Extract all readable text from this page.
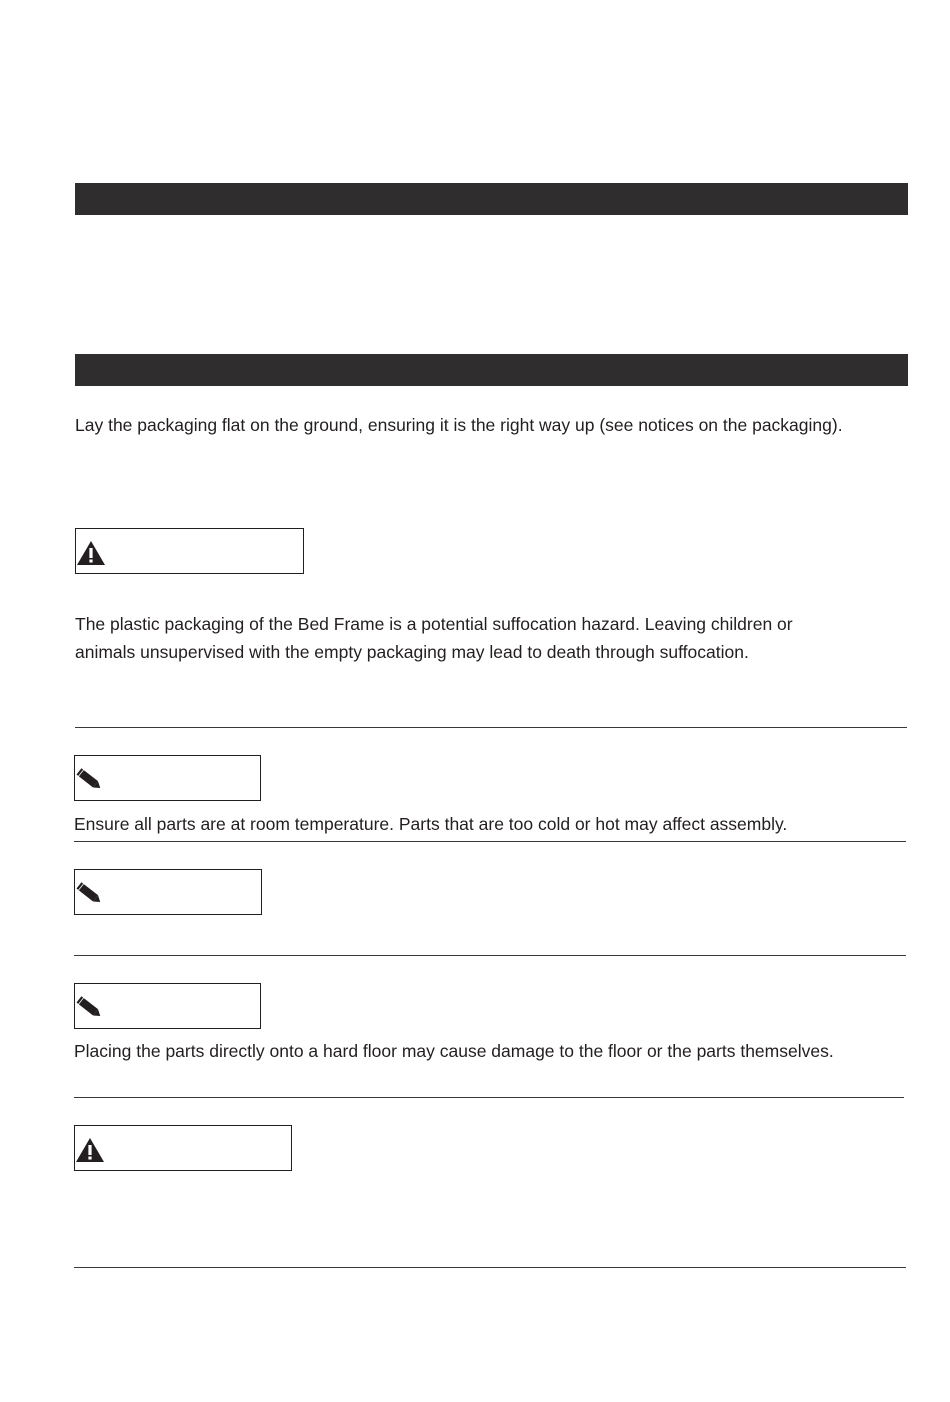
Lay the packaging flat on the ground, ensuring it is the right way up (see notices on the packaging).
The plastic packaging of the Bed Frame is a potential suffocation hazard. Leaving children or
animals unsupervised with the empty packaging may lead to death through suffocation.
Ensure all parts are at room temperature. Parts that are too cold or hot may affect assembly.
Placing the parts directly onto a hard floor may cause damage to the floor or the parts themselves.
